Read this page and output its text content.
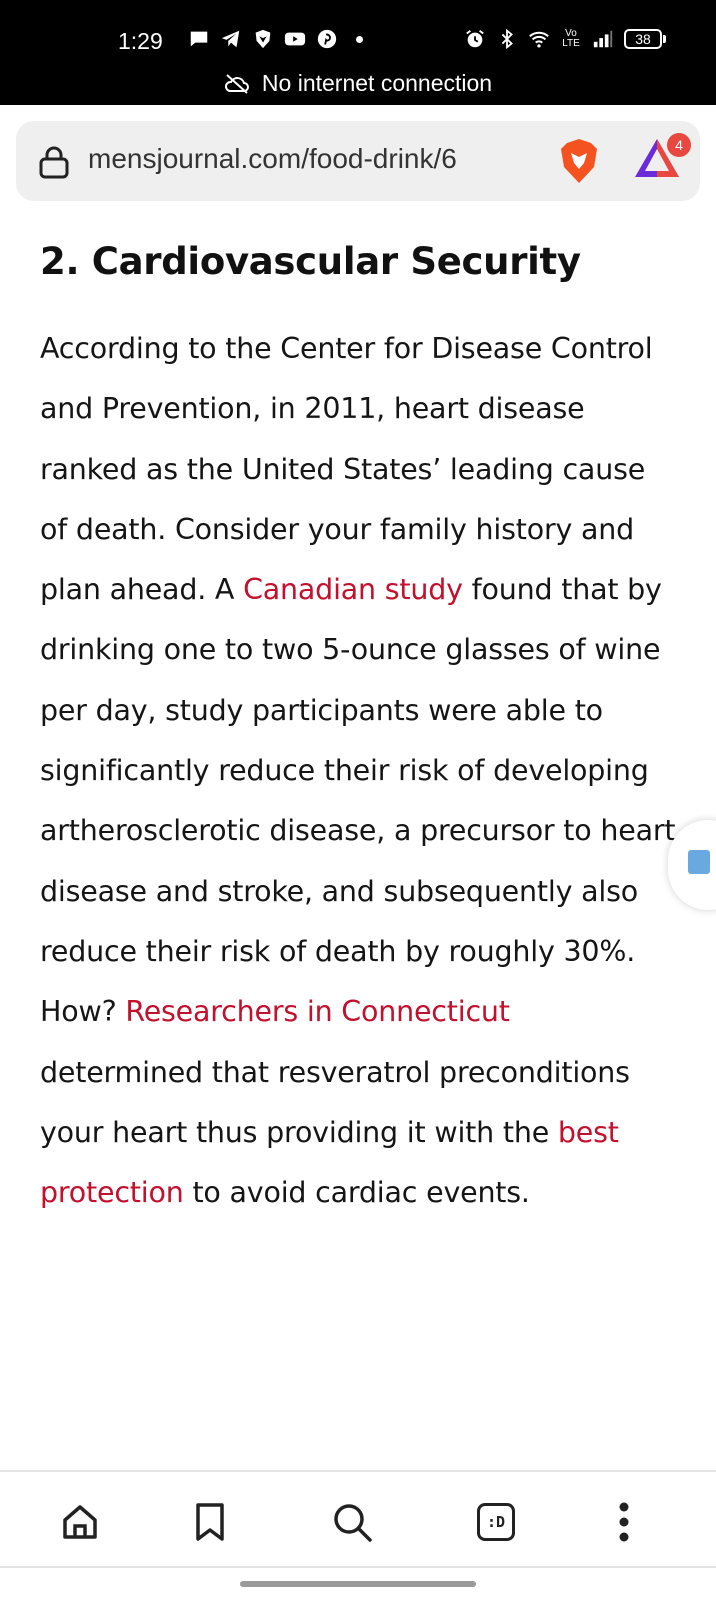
1:29	Vo LTE	38
No internet connection
mensjournal.com/food-drink/6	4
2. Cardiovascular Security

According to the Center for Disease Control and Prevention, in 2011, heart disease ranked as the United States’ leading cause of death. Consider your family history and plan ahead. A Canadian study found that by drinking one to two 5-ounce glasses of wine per day, study participants were able to significantly reduce their risk of developing artherosclerotic disease, a precursor to heart disease and stroke, and subsequently also reduce their risk of death by roughly 30%. How? Researchers in Connecticut determined that resveratrol preconditions your heart thus providing it with the best protection to avoid cardiac events.

:D
